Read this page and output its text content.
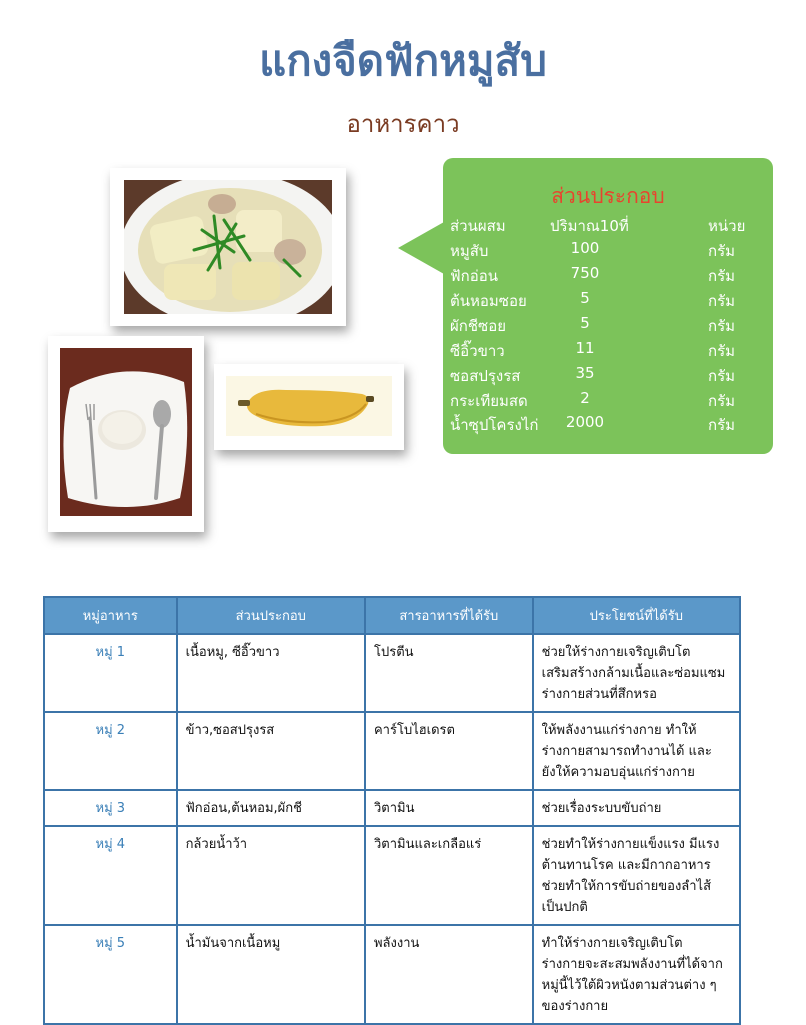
แกงจืดฟักหมูสับ
อาหารคาว
ส่วนประกอบ
ส่วนผสม	ปริมาณ10ที่	หน่วย
หมูสับ	100	กรัม
ฟักอ่อน	750	กรัม
ต้นหอมซอย	5	กรัม
ผักชีซอย	5	กรัม
ซีอิ๊วขาว	11	กรัม
ซอสปรุงรส	35	กรัม
กระเทียมสด	2	กรัม
น้ำซุปโครงไก่	2000	กรัม
หมู่อาหาร	ส่วนประกอบ	สารอาหารที่ได้รับ	ประโยชน์ที่ได้รับ
หมู่ 1	เนื้อหมู, ซีอิ๊วขาว	โปรตีน	ช่วยให้ร่างกายเจริญเติบโต
เสริมสร้างกล้ามเนื้อและซ่อมแซม
ร่างกายส่วนที่สึกหรอ
หมู่ 2	ข้าว,ซอสปรุงรส	คาร์โบไฮเดรต	ให้พลังงานแก่ร่างกาย ทำให้
ร่างกายสามารถทำงานได้ และ
ยังให้ความอบอุ่นแก่ร่างกาย
หมู่ 3	ฟักอ่อน,ต้นหอม,ผักชี	วิตามิน	ช่วยเรื่องระบบขับถ่าย
หมู่ 4	กล้วยน้ำว้า	วิตามินและเกลือแร่	ช่วยทำให้ร่างกายแข็งแรง มีแรง
ต้านทานโรค และมีกากอาหาร
ช่วยทำให้การขับถ่ายของลำไส้
เป็นปกติ
หมู่ 5	น้ำมันจากเนื้อหมู	พลังงาน	ทำให้ร่างกายเจริญเติบโต
ร่างกายจะสะสมพลังงานที่ได้จาก
หมู่นี้ไว้ใต้ผิวหนังตามส่วนต่าง ๆ
ของร่างกาย
